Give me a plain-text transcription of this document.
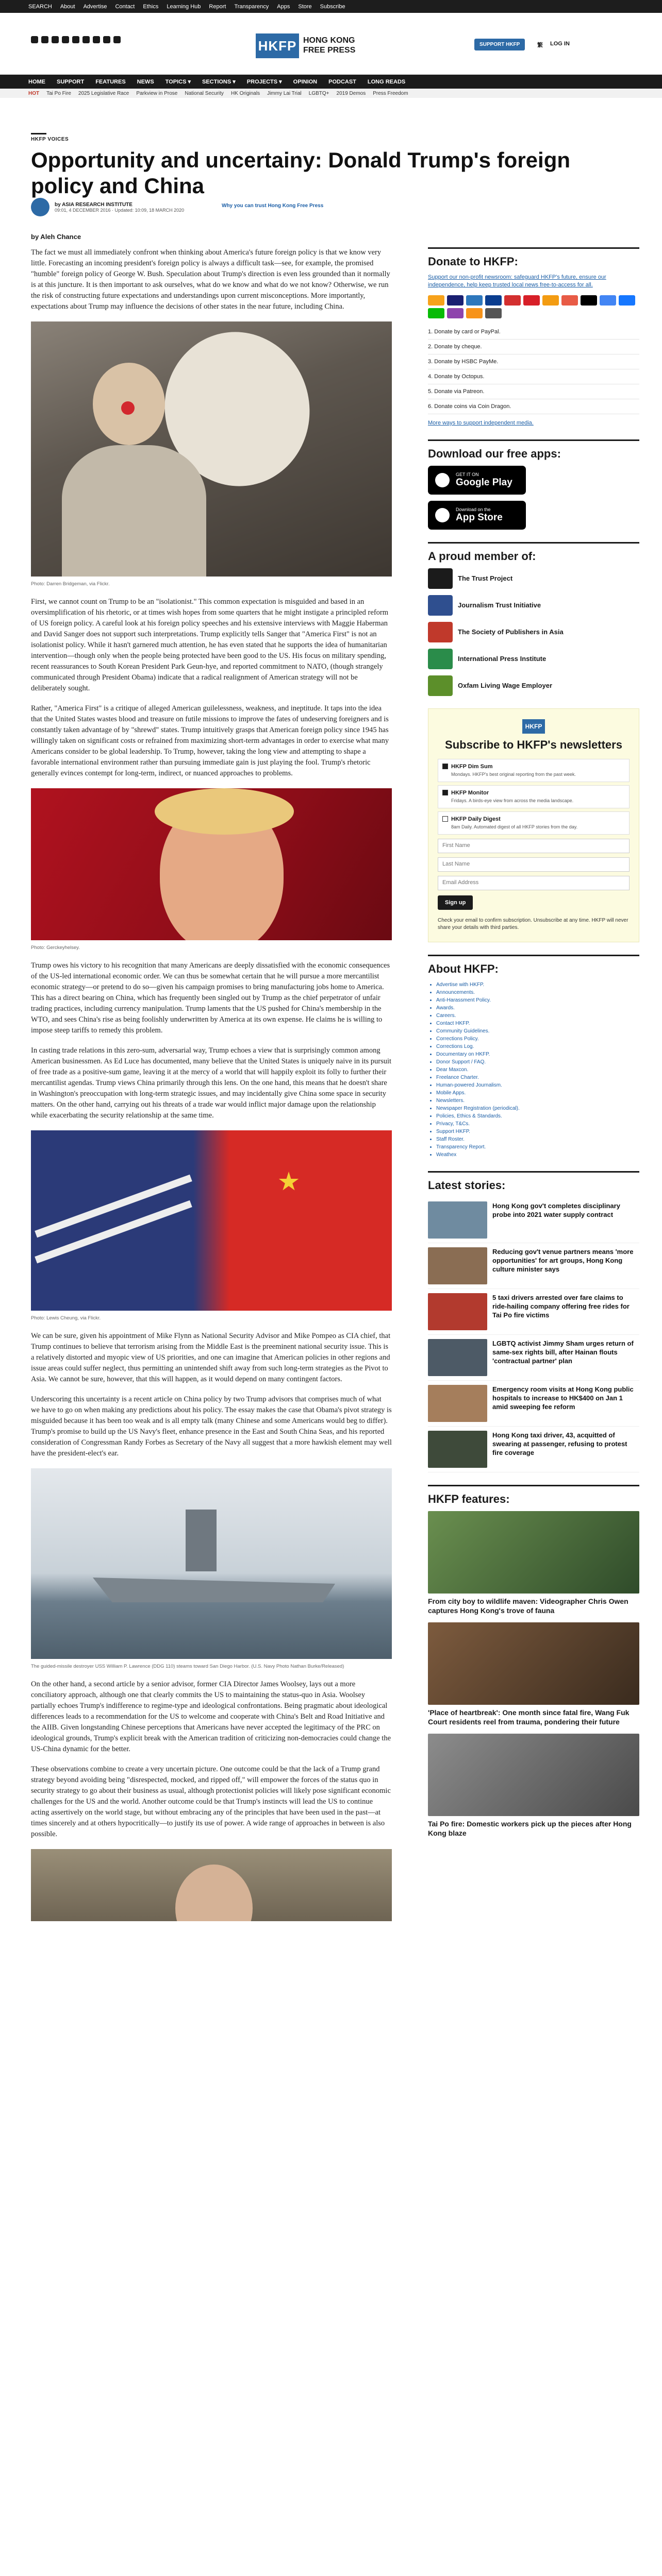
SEARCH About Advertise Contact Ethics Learning Hub Report Transparency Apps Store Subscribe
HKFP HONG KONG
FREE PRESS
SUPPORT HKFP	繁 LOG IN
HOME SUPPORT FEATURES NEWS TOPICS ▾ SECTIONS ▾ PROJECTS ▾ OPINION PODCAST LONG READS
HOT Tai Po Fire 2025 Legislative Race Parkview in Prose National Security HK Originals Jimmy Lai Trial LGBTQ+ 2019 Demos Press Freedom
HKFP VOICES
Opportunity and uncertainy: Donald Trump's foreign policy and China
by ASIA RESEARCH INSTITUTE
09:01, 4 DECEMBER 2016 · Updated: 10:09, 18 MARCH 2020
Why you can trust Hong Kong Free Press
by Aleh Chance

The fact we must all immediately confront when thinking about America's future foreign policy is that we know very little. Forecasting an incoming president's foreign policy is always a difficult task—see, for example, the promised "humble" foreign policy of George W. Bush. Speculation about Trump's direction is even less grounded than it normally is at this juncture. It is then important to ask ourselves, what do we know and what do we not know? Otherwise, we run the risk of constructing future expectations and understandings upon current misconceptions. More importantly, expectations about Trump may influence the decisions of other states in the near future, including China.

Photo: Darren Bridgeman, via Flickr.

First, we cannot count on Trump to be an "isolationist." This common expectation is misguided and based in an oversimplification of his rhetoric, or at times wish hopes from some quarters that he might instigate a principled reform of US foreign policy. A careful look at his foreign policy speeches and his extensive interviews with Maggie Haberman and David Sanger does not support such interpretations. Trump explicitly tells Sanger that "America First" is not an isolationist policy. While it hasn't garnered much attention, he has even stated that he supports the idea of humanitarian intervention—though only when the people being protected have been good to the US. His focus on military spending, recent reassurances to South Korean President Park Geun-hye, and reported commitment to NATO, (though strangely communicated through President Obama) indicate that a radical realignment of American strategy will not be deliberately sought.

Rather, "America First" is a critique of alleged American guilelessness, weakness, and ineptitude. It taps into the idea that the United States wastes blood and treasure on futile missions to improve the fates of undeserving foreigners and is constantly taken advantage of by "shrewd" states. Trump intuitively grasps that American foreign policy since 1945 has willingly taken on significant costs or refrained from maximizing short-term advantages in order to exercise what many Americans consider to be global leadership. To Trump, however, taking the long view and attempting to shape a favorable international environment rather than pursuing immediate gain is just playing the fool. Trump's rhetoric generally evinces contempt for long-term, indirect, or nuanced approaches to problems.

Photo: Gerckeyhelsey.

Trump owes his victory to his recognition that many Americans are deeply dissatisfied with the economic consequences of the US-led international economic order. We can thus be somewhat certain that he will pursue a more mercantilist economic strategy—or pretend to do so—given his campaign promises to bring manufacturing jobs home to America. This has a direct bearing on China, which has frequently been singled out by Trump as the chief perpetrator of unfair trading practices, including currency manipulation. Trump laments that the US pushed for China's membership in the WTO, and sees China's rise as being foolishly underwritten by America at its own expense. He claims he is willing to impose steep tariffs to remedy this problem.

In casting trade relations in this zero-sum, adversarial way, Trump echoes a view that is surprisingly common among American businessmen. As Ed Luce has documented, many believe that the United States is uniquely naive in its pursuit of free trade as a positive-sum game, leaving it at the mercy of a world that will happily exploit its folly to further their mercantilist agendas. Trump views China primarily through this lens. On the one hand, this means that he doesn't share in Washington's preoccupation with long-term strategic issues, and may incidentally give China some space in security matters. On the other hand, carrying out his threats of a trade war would inflict major damage upon the relationship while exacerbating the security relationship at the same time.

Photo: Lewis Cheung, via Flickr.

We can be sure, given his appointment of Mike Flynn as National Security Advisor and Mike Pompeo as CIA chief, that Trump continues to believe that terrorism arising from the Middle East is the preeminent national security issue. This is a relatively distorted and myopic view of US priorities, and one can imagine that American policies in other regions and issue areas could suffer neglect, thus permitting an unintended shift away from such long-term strategies as the Pivot to Asia. We cannot be sure, however, that this will happen, as it would depend on many contingent factors.

Underscoring this uncertainty is a recent article on China policy by two Trump advisors that comprises much of what we have to go on when making any predictions about his policy. The essay makes the case that Obama's pivot strategy is misguided because it has been too weak and is all empty talk (many Chinese and some Americans would beg to differ). Trump's promise to build up the US Navy's fleet, enhance presence in the East and South China Seas, and his reported consideration of Congressman Randy Forbes as Secretary of the Navy all suggest that a more hawkish element may well have the president-elect's ear.

The guided-missile destroyer USS William P. Lawrence (DDG 110) steams toward San Diego Harbor. (U.S. Navy Photo Nathan Burke/Released)

On the other hand, a second article by a senior advisor, former CIA Director James Woolsey, lays out a more conciliatory approach, although one that clearly commits the US to maintaining the status-quo in Asia. Woolsey partially echoes Trump's indifference to regime-type and ideological confrontations. Being pragmatic about ideological differences leads to a recommendation for the US to welcome and cooperate with China's Belt and Road Initiative and the AIIB. Given longstanding Chinese perceptions that Americans have never accepted the legitimacy of the PRC on ideological grounds, Trump's explicit break with the American tradition of criticizing non-democracies could change the US-China dynamic for the better.

These observations combine to create a very uncertain picture. One outcome could be that the lack of a Trump grand strategy beyond avoiding being "disrespected, mocked, and ripped off," will empower the forces of the status quo in security strategy to go about their business as usual, although protectionist policies will likely pose significant economic challenges for the US and the world. Another outcome could be that Trump's instincts will lead the US to continue acting assertively on the world stage, but without embracing any of the principles that have been used in the past—at times sincerely and at others hypocritically—to justify its use of power. A wide range of approaches in between is also possible.

Donate to HKFP:
Support our non-profit newsroom: safeguard HKFP's future, ensure our independence, help keep trusted local news free-to-access for all.
1. Donate by card or PayPal.
2. Donate by cheque.
3. Donate by HSBC PayMe.
4. Donate by Octopus.
5. Donate via Patreon.
6. Donate coins via Coin Dragon.
More ways to support independent media.
Download our free apps:
GET IT ON
Google Play
Download on the
App Store
A proud member of:
The Trust Project
Journalism Trust Initiative
The Society of Publishers in Asia
International Press Institute
Oxfam Living Wage Employer
HKFP
Subscribe to HKFP's newsletters
HKFP Dim Sum

Mondays. HKFP's best original reporting from the past week.

HKFP Monitor

Fridays. A birds-eye view from across the media landscape.

HKFP Daily Digest

8am Daily. Automated digest of all HKFP stories from the day.

First Name
Last Name
Email Address
Sign up
Check your email to confirm subscription. Unsubscribe at any time. HKFP will never share your details with third parties.
About HKFP:
• Advertise with HKFP.
• Announcements.
• Anti-Harassment Policy.
• Awards.
• Careers.
• Contact HKFP.
• Community Guidelines.
• Corrections Policy.
• Corrections Log.
• Documentary on HKFP.
• Donor Support / FAQ.
• Dear Maxcon.
• Freelance Charter.
• Human-powered Journalism.
• Mobile Apps.
• Newsletters.
• Newspaper Registration (periodical).
• Policies, Ethics & Standards.
• Privacy, T&Cs.
• Support HKFP.
• Staff Roster.
• Transparency Report.
• Weathex
Latest stories:
Hong Kong gov't completes disciplinary probe into 2021 water supply contract
Reducing gov't venue partners means 'more opportunities' for art groups, Hong Kong culture minister says
5 taxi drivers arrested over fare claims to ride-hailing company offering free rides for Tai Po fire victims
LGBTQ activist Jimmy Sham urges return of same-sex rights bill, after Hainan flouts 'contractual partner' plan
Emergency room visits at Hong Kong public hospitals to increase to HK$400 on Jan 1 amid sweeping fee reform
Hong Kong taxi driver, 43, acquitted of swearing at passenger, refusing to protest fire coverage
HKFP features:
From city boy to wildlife maven: Videographer Chris Owen captures Hong Kong's trove of fauna
'Place of heartbreak': One month since fatal fire, Wang Fuk Court residents reel from trauma, pondering their future
Tai Po fire: Domestic workers pick up the pieces after Hong Kong blaze
